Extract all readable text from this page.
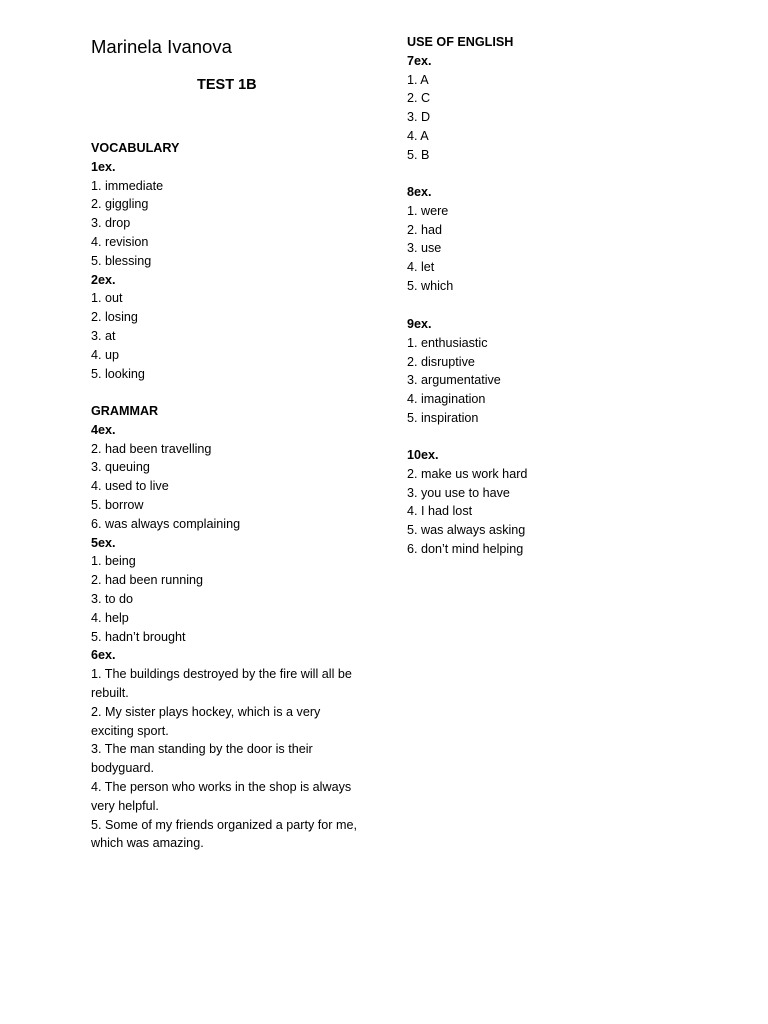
Marinela Ivanova
TEST 1B
VOCABULARY
1ex.
1. immediate
2. giggling
3. drop
4. revision
5. blessing
2ex.
1. out
2. losing
3. at
4. up
5. looking
GRAMMAR
4ex.
2. had been travelling
3. queuing
4. used to live
5. borrow
6. was always complaining
5ex.
1. being
2. had been running
3. to do
4. help
5. hadn’t brought
6ex.
1. The buildings destroyed by the fire will all be rebuilt.
2. My sister plays hockey, which is a very exciting sport.
3. The man standing by the door is their bodyguard.
4. The person who works in the shop is always very helpful.
5. Some of my friends organized a party for me, which was amazing.
USE OF ENGLISH
7ex.
1. A
2. C
3. D
4. A
5. B
8ex.
1. were
2. had
3. use
4. let
5. which
9ex.
1. enthusiastic
2. disruptive
3. argumentative
4. imagination
5. inspiration
10ex.
2. make us work hard
3. you use to have
4. I had lost
5. was always asking
6. don’t mind helping
